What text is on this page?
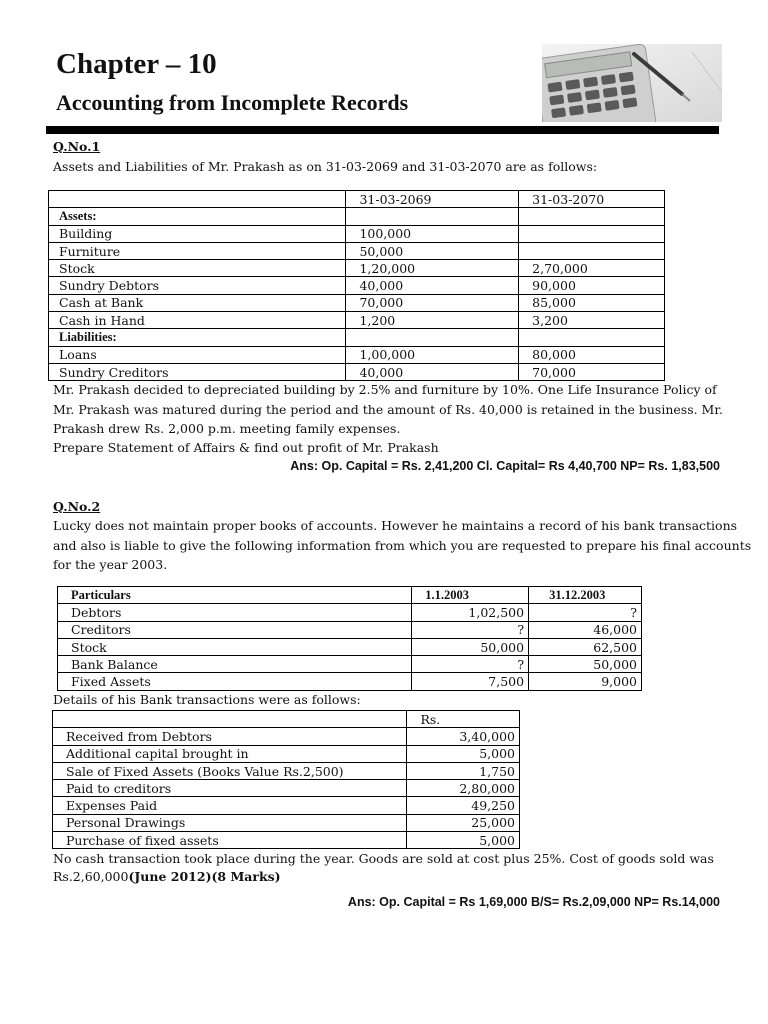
Chapter – 10
Accounting from Incomplete Records
Q.No.1
Assets and Liabilities of Mr. Prakash as on 31-03-2069 and 31-03-2070 are as follows:
	31-03-2069	31-03-2070
Assets:		
Building	100,000	
Furniture	50,000	
Stock	1,20,000	2,70,000
Sundry Debtors	40,000	90,000
Cash at Bank	70,000	85,000
Cash in Hand	1,200	3,200
Liabilities:		
Loans	1,00,000	80,000
Sundry Creditors	40,000	70,000
Mr. Prakash decided to depreciated building by 2.5% and furniture by 10%. One Life Insurance Policy of
Mr. Prakash was matured during the period and the amount of Rs. 40,000 is retained in the business. Mr.
Prakash drew Rs. 2,000 p.m. meeting family expenses.
Prepare Statement of Affairs & find out profit of Mr. Prakash
Ans: Op. Capital = Rs. 2,41,200 Cl. Capital= Rs 4,40,700 NP= Rs. 1,83,500
Q.No.2
Lucky does not maintain proper books of accounts. However he maintains a record of his bank transactions
and also is liable to give the following information from which you are requested to prepare his final accounts
for the year 2003.
Particulars	1.1.2003	31.12.2003
Debtors	1,02,500	?
Creditors	?	46,000
Stock	50,000	62,500
Bank Balance	?	50,000
Fixed Assets	7,500	9,000
Details of his Bank transactions were as follows:
	Rs.
Received from Debtors	3,40,000
Additional capital brought in	5,000
Sale of Fixed Assets (Books Value Rs.2,500)	1,750
Paid to creditors	2,80,000
Expenses Paid	49,250
Personal Drawings	25,000
Purchase of fixed assets	5,000
No cash transaction took place during the year. Goods are sold at cost plus 25%. Cost of goods sold was
Rs.2,60,000(June 2012)(8 Marks)
Ans: Op. Capital = Rs 1,69,000 B/S= Rs.2,09,000 NP= Rs.14,000
